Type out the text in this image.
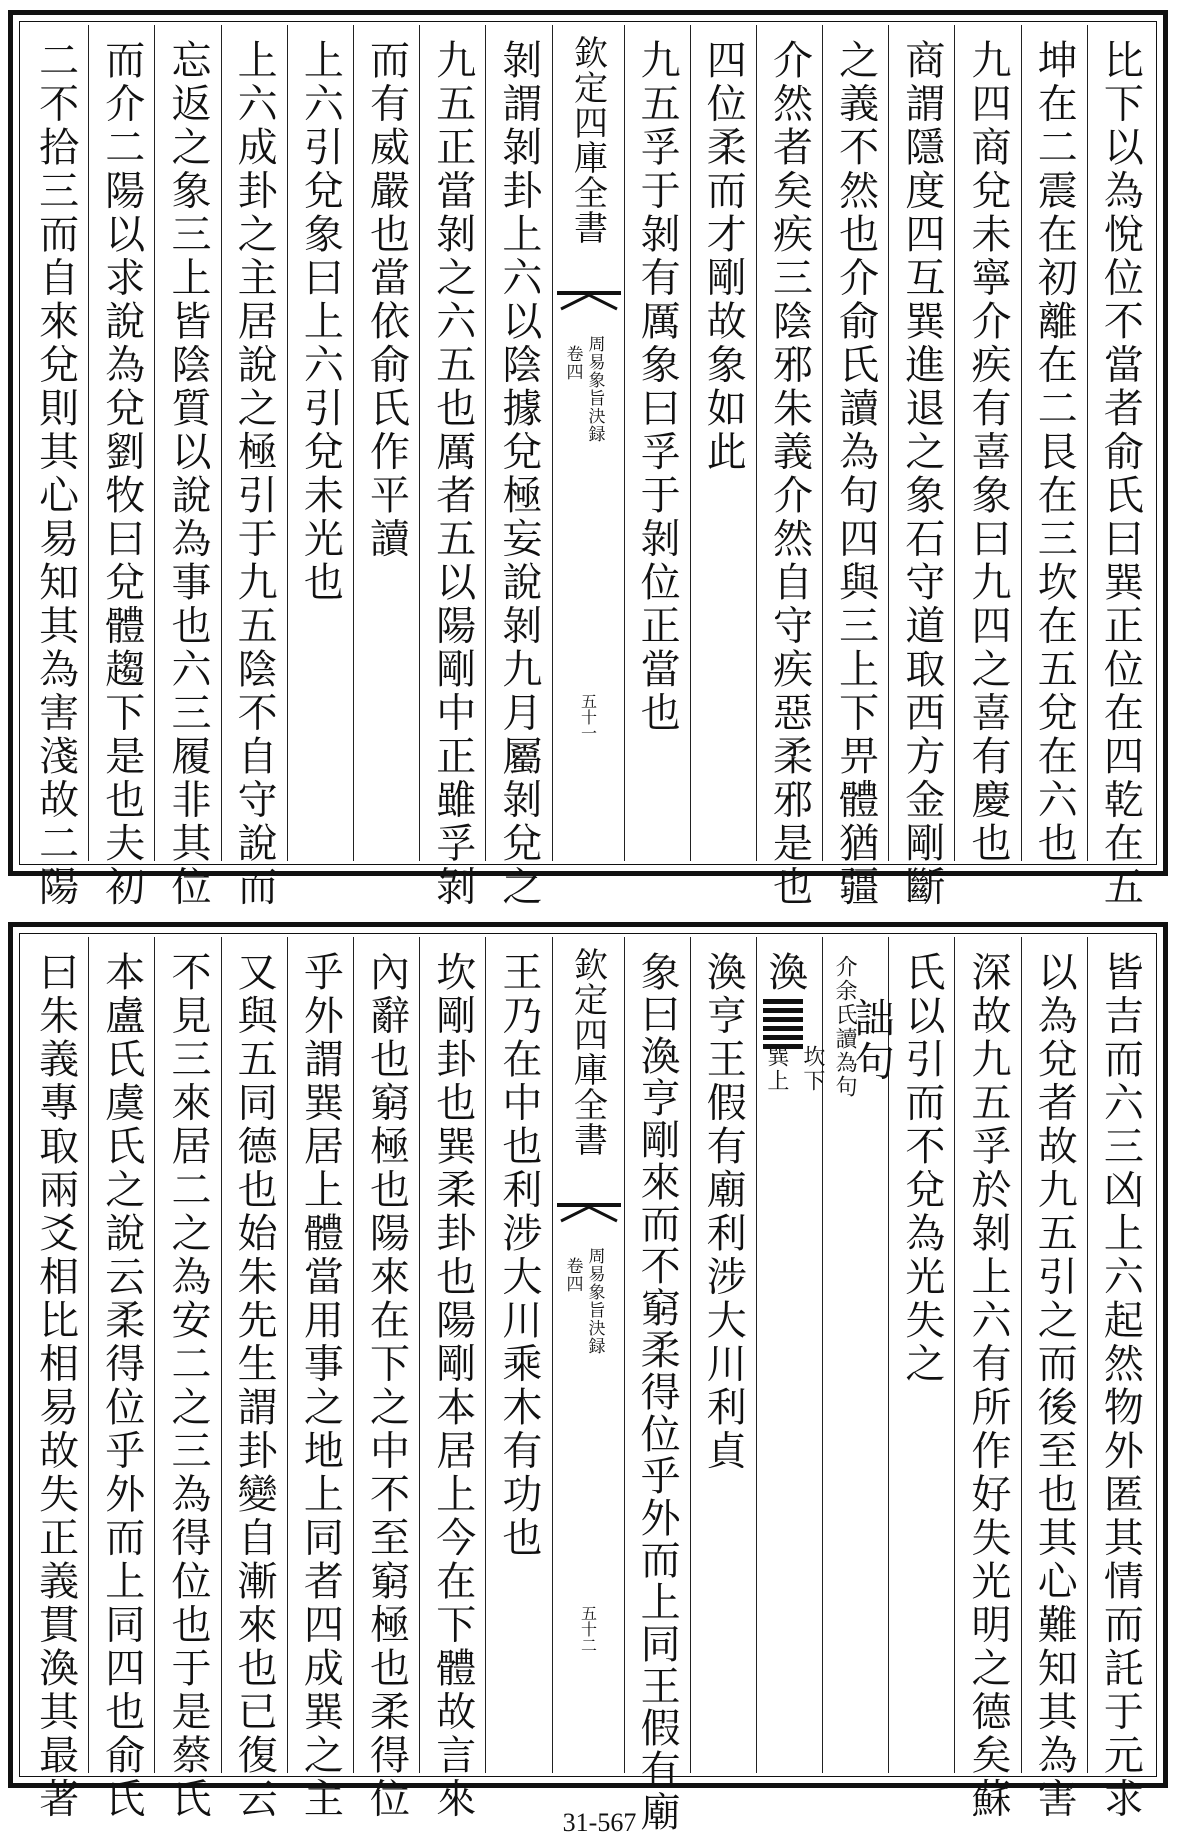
比下以為悅位不當者俞氏曰巽正位在四乾在五
坤在二震在初離在二艮在三坎在五兌在六也
九四商兌未寧介疾有喜象曰九四之喜有慶也
商謂隱度四互巽進退之象石守道取西方金剛斷
之義不然也介俞氏讀為句四與三上下畀體猶疆
介然者矣疾三陰邪朱義介然自守疾惡柔邪是也
四位柔而才剛故象如此
九五孚于剝有厲象曰孚于剝位正當也
欽定四庫全書
周易象旨決録
卷四
五十一
剝謂剝卦上六以陰據兌極妄說剝九月屬剝兌之
九五正當剝之六五也厲者五以陽剛中正雖孚剝
而有威嚴也當依俞氏作平讀
上六引兌象曰上六引兌未光也
上六成卦之主居說之極引于九五陰不自守說而
忘返之象三上皆陰質以說為事也六三履非其位
而介二陽以求說為兌劉牧曰兌體趨下是也夫初
二不拾三而自來兌則其心易知其為害淺故二陽
皆吉而六三凶上六起然物外匿其情而託于元求
以為兌者故九五引之而後至也其心難知其為害
深故九五孚於剝上六有所作好失光明之德矣蘇
氏以引而不兌為光失之
詘句
介余氏讀為句
渙
坎下
巽上
渙亨王假有廟利涉大川利貞
象曰渙亨剛來而不窮柔得位乎外而上同王假有廟
欽定四庫全書
周易象旨決録
卷四
五十二
王乃在中也利涉大川乘木有功也
坎剛卦也巽柔卦也陽剛本居上今在下體故言來
內辭也窮極也陽來在下之中不至窮極也柔得位
乎外謂巽居上體當用事之地上同者四成巽之主
又與五同德也始朱先生謂卦變自漸來也已復云
不見三來居二之為安二之三為得位也于是蔡氏
本盧氏虞氏之說云柔得位乎外而上同四也俞氏
曰朱義專取兩爻相比相易故失正義貫渙其最著
31-567
